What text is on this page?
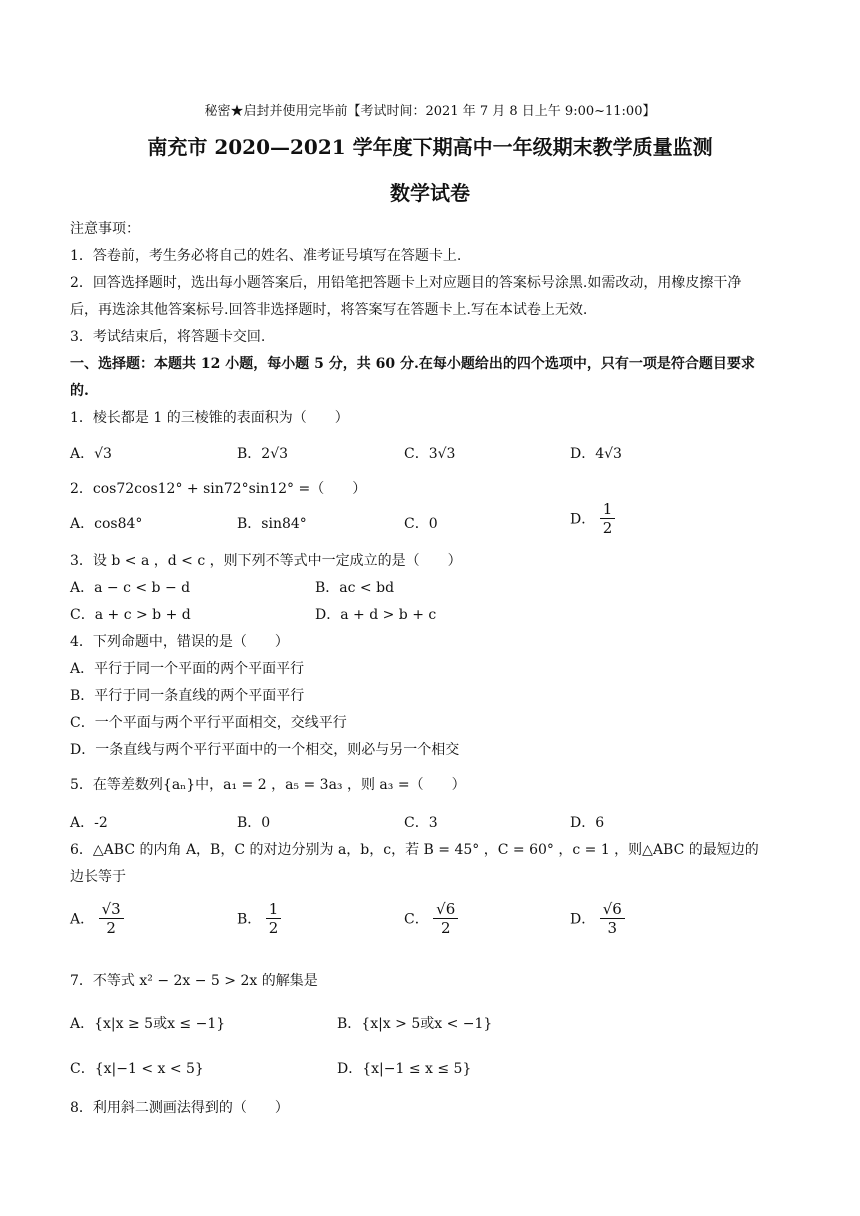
秘密★启封并使用完毕前【考试时间：2021 年 7 月 8 日上午 9:00~11:00】
南充市 2020—2021 学年度下期高中一年级期末教学质量监测
数学试卷
注意事项：
1．答卷前，考生务必将自己的姓名、准考证号填写在答题卡上.
2．回答选择题时，选出每小题答案后，用铅笔把答题卡上对应题目的答案标号涂黑.如需改动，用橡皮擦干净
后，再选涂其他答案标号.回答非选择题时，将答案写在答题卡上.写在本试卷上无效.
3．考试结束后，将答题卡交回.
一、选择题：本题共 12 小题，每小题 5 分，共 60 分.在每小题给出的四个选项中，只有一项是符合题目要求
的.
1．棱长都是 1 的三棱锥的表面积为（　　）
A．√3	B．2√3	C．3√3	D．4√3
2．cos72cos12° + sin72°sin12° =（　　）
A．cos84°	B．sin84°	C．0	D． $\frac{1}{2}$
3．设 b < a ，d < c ，则下列不等式中一定成立的是（　　）
A．a − c < b − d	B．ac < bd
C．a + c > b + d	D．a + d > b + c
4．下列命题中，错误的是（　　）
A．平行于同一个平面的两个平面平行
B．平行于同一条直线的两个平面平行
C．一个平面与两个平行平面相交，交线平行
D．一条直线与两个平行平面中的一个相交，则必与另一个相交
5．在等差数列{aₙ}中，a₁ = 2 ，a₅ = 3a₃ ，则 a₃ =（　　）
A．-2	B．0	C．3	D．6
6．△ABC 的内角 A，B，C 的对边分别为 a，b，c，若 B = 45° ，C = 60° ，c = 1 ，则△ABC 的最短边的
边长等于
A． $\frac{√3}{2}$	B． $\frac{1}{2}$	C． $\frac{√6}{2}$	D． $\frac{√6}{3}$
7．不等式 x² − 2x − 5 > 2x 的解集是
A．{x|x ≥ 5或x ≤ −1}	B．{x|x > 5或x < −1}
C．{x|−1 < x < 5}	D．{x|−1 ≤ x ≤ 5}
8．利用斜二测画法得到的（　　）
